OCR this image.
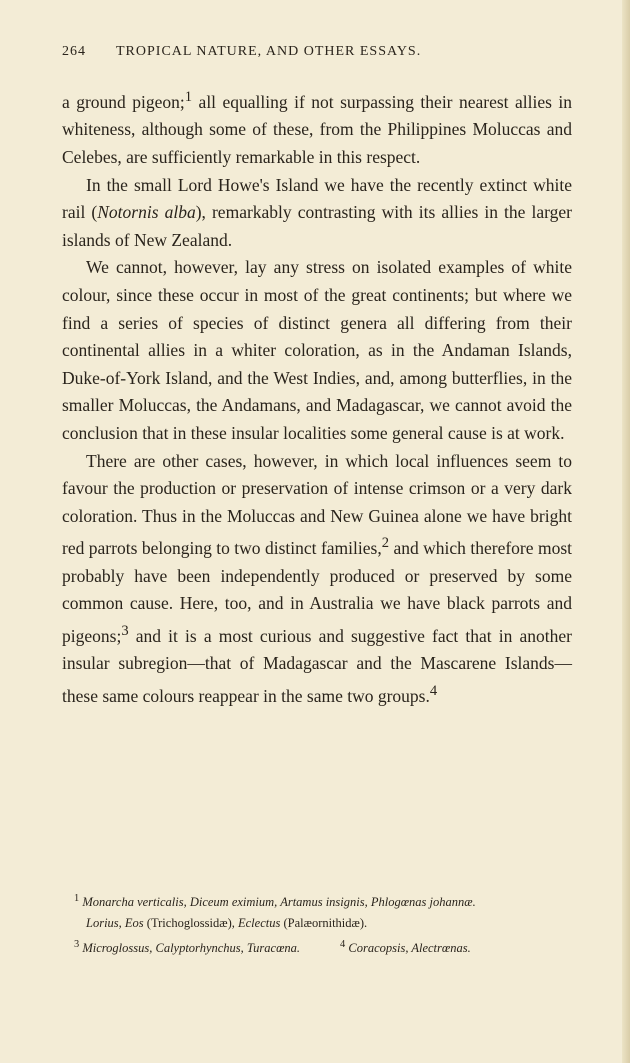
264 TROPICAL NATURE, AND OTHER ESSAYS.

a ground pigeon;$^1$ all equalling if not surpassing their nearest allies in whiteness, although some of these, from the Philippines Moluccas and Celebes, are sufficiently remarkable in this respect.

In the small Lord Howe's Island we have the recently extinct white rail (Notornis alba), remarkably contrasting with its allies in the larger islands of New Zealand.

We cannot, however, lay any stress on isolated examples of white colour, since these occur in most of the great continents; but where we find a series of species of distinct genera all differing from their continental allies in a whiter coloration, as in the Andaman Islands, Duke-of-York Island, and the West Indies, and, among butterflies, in the smaller Moluccas, the Andamans, and Madagascar, we cannot avoid the conclusion that in these insular localities some general cause is at work.

There are other cases, however, in which local influences seem to favour the production or preservation of intense crimson or a very dark coloration. Thus in the Moluccas and New Guinea alone we have bright red parrots belonging to two distinct families,$^2$ and which therefore most probably have been independently produced or preserved by some common cause. Here, too, and in Australia we have black parrots and pigeons;$^3$ and it is a most curious and suggestive fact that in another insular subregion—that of Madagascar and the Mascarene Islands—these same colours reappear in the same two groups.$^4$

$^1$ Monarcha verticalis, Diceum eximium, Artamus insignis, Phlogœnas johannæ.

Lorius, Eos (Trichoglossidæ), Eclectus (Palæornithidæ).

$^3$ Microglossus, Calyptorhynchus, Turacœna.	$^4$ Coracopsis, Alectrœnas.
